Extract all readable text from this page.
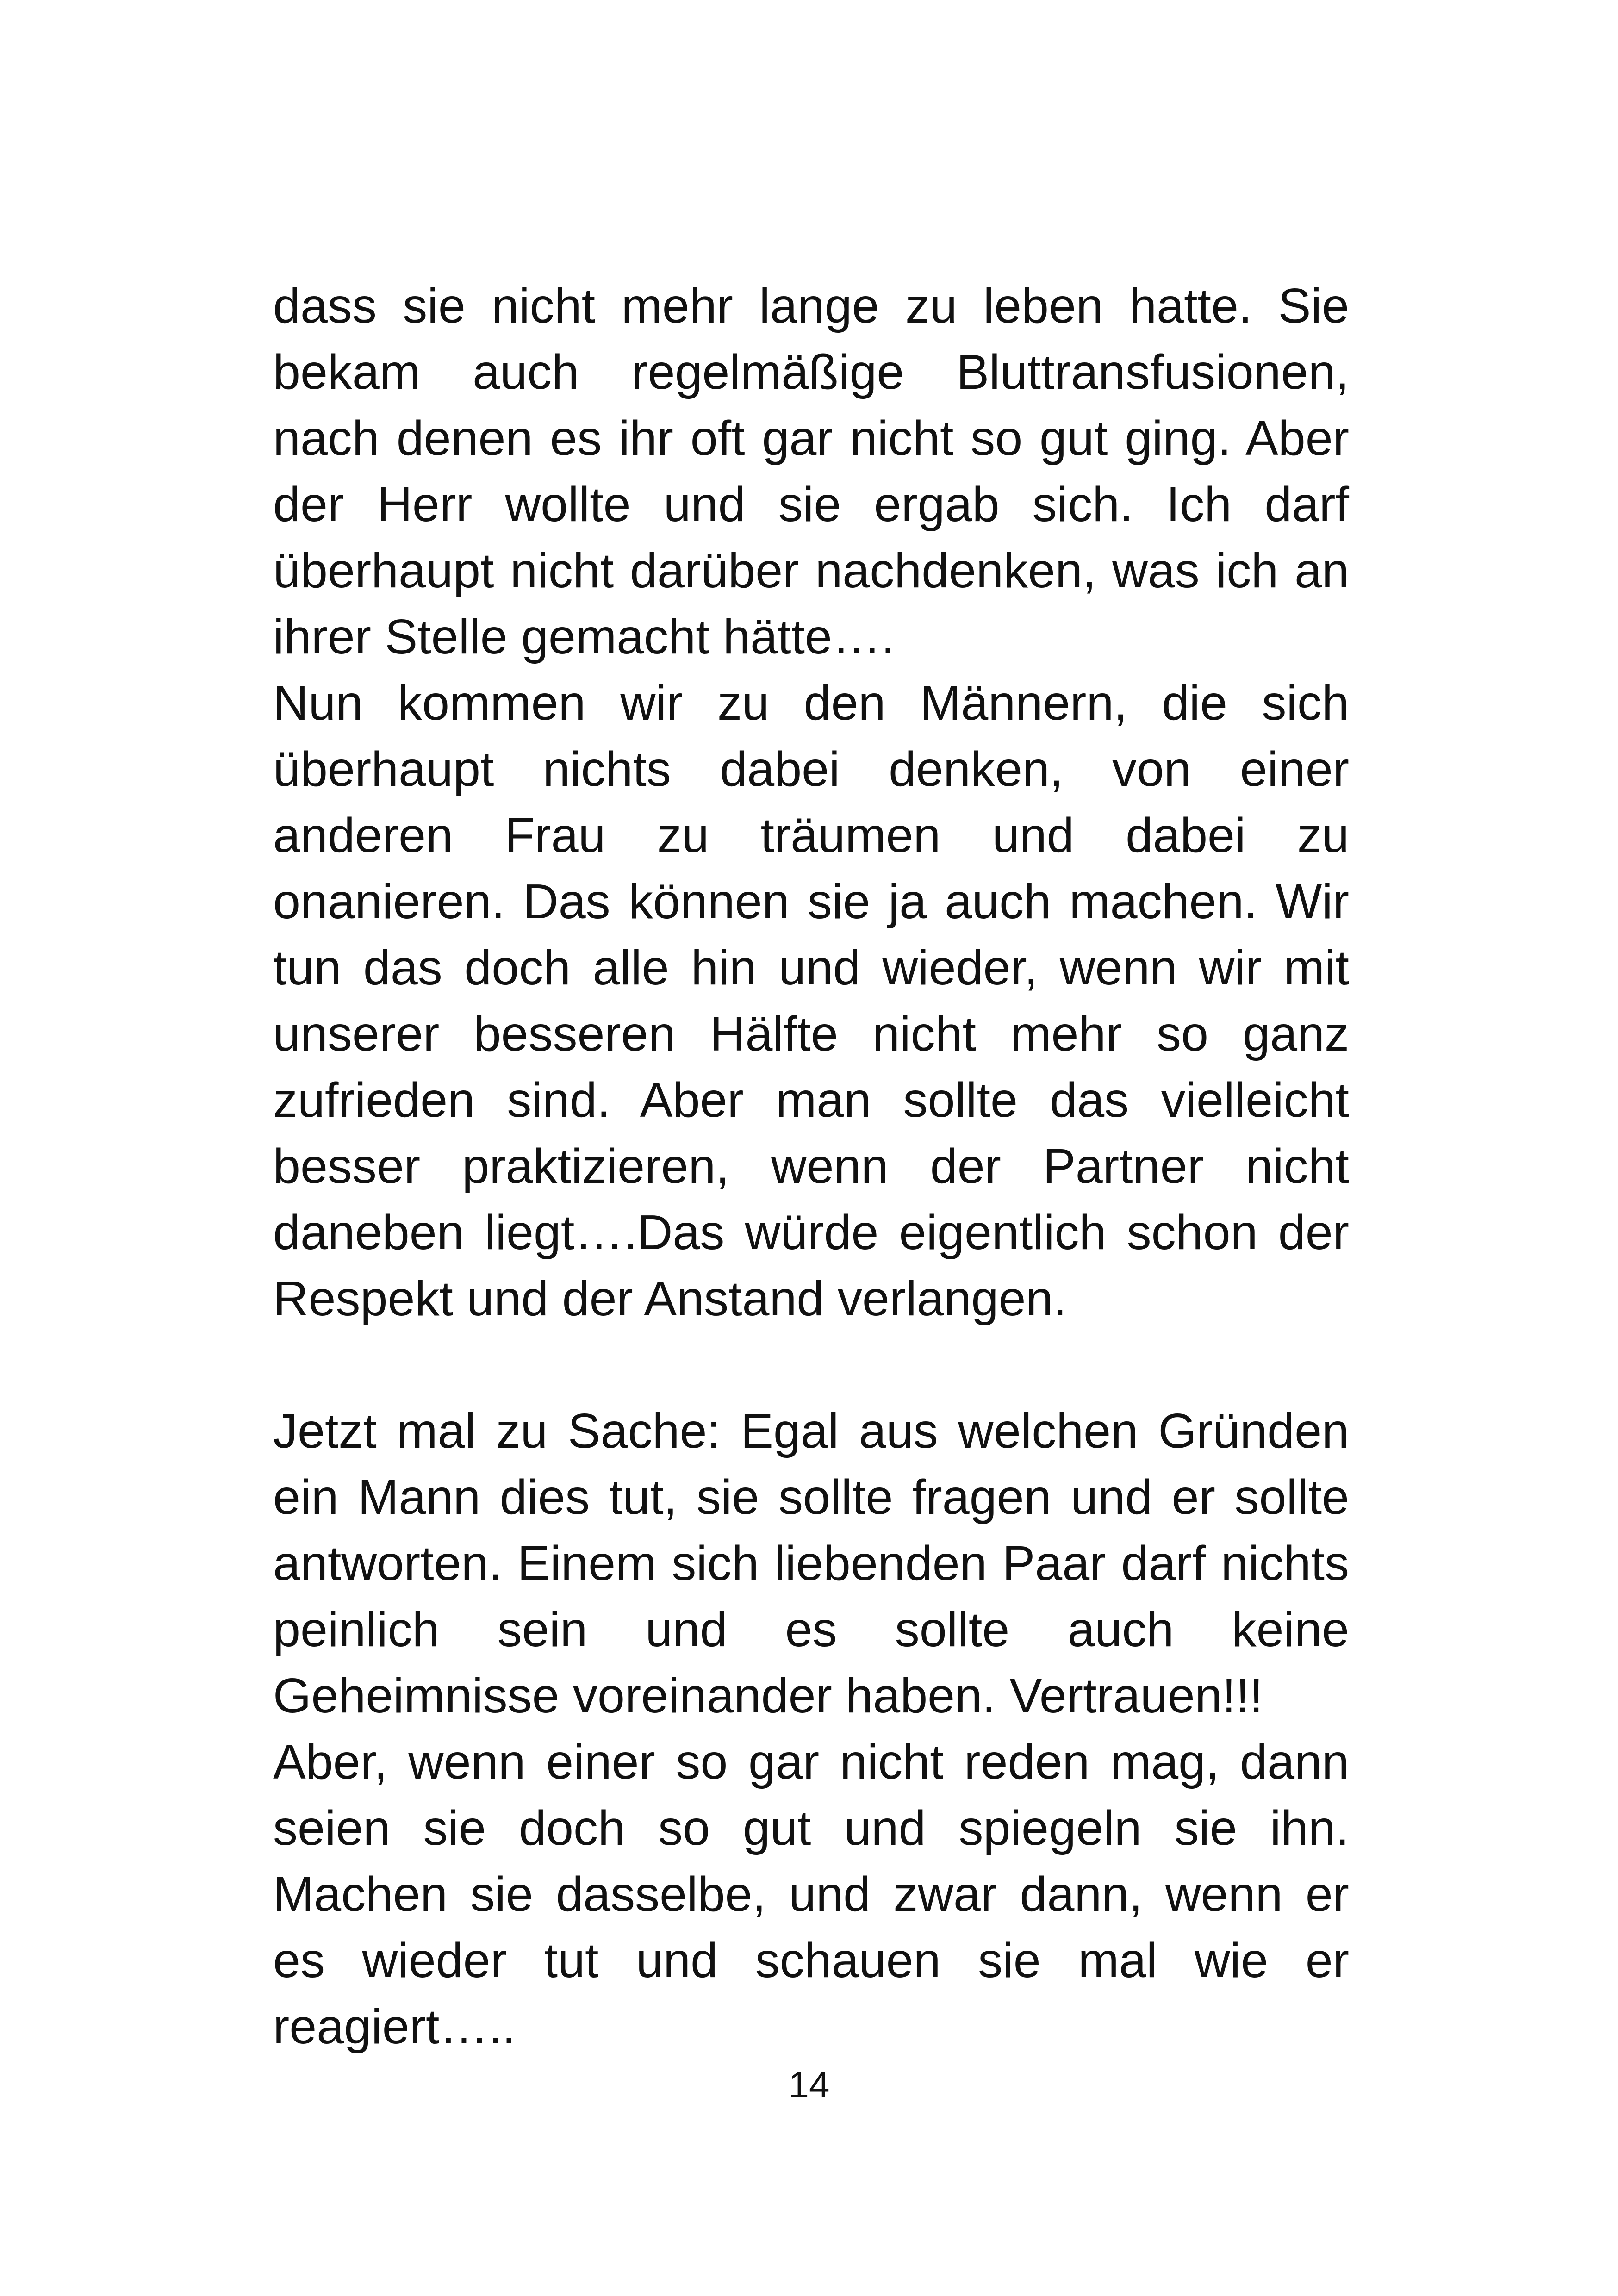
dass sie nicht mehr lange zu leben hatte. Sie bekam auch regelmäßige Bluttransfusionen, nach denen es ihr oft gar nicht so gut ging. Aber der Herr wollte und sie ergab sich. Ich darf überhaupt nicht darüber nachdenken, was ich an ihrer Stelle gemacht hätte….

Nun kommen wir zu den Männern, die sich überhaupt nichts dabei denken, von einer anderen Frau zu träumen und dabei zu onanieren. Das können sie ja auch machen. Wir tun das doch alle hin und wieder, wenn wir mit unserer besseren Hälfte nicht mehr so ganz zufrieden sind. Aber man sollte das vielleicht besser praktizieren, wenn der Partner nicht daneben liegt….Das würde eigentlich schon der Respekt und der Anstand verlangen.

Jetzt mal zu Sache: Egal aus welchen Gründen ein Mann dies tut, sie sollte fragen und er sollte antworten. Einem sich liebenden Paar darf nichts peinlich sein und es sollte auch keine Geheimnisse voreinander haben. Vertrauen!!!

Aber, wenn einer so gar nicht reden mag, dann seien sie doch so gut und spiegeln sie ihn. Machen sie dasselbe, und zwar dann, wenn er es wieder tut und schauen sie mal wie er reagiert…..

14
